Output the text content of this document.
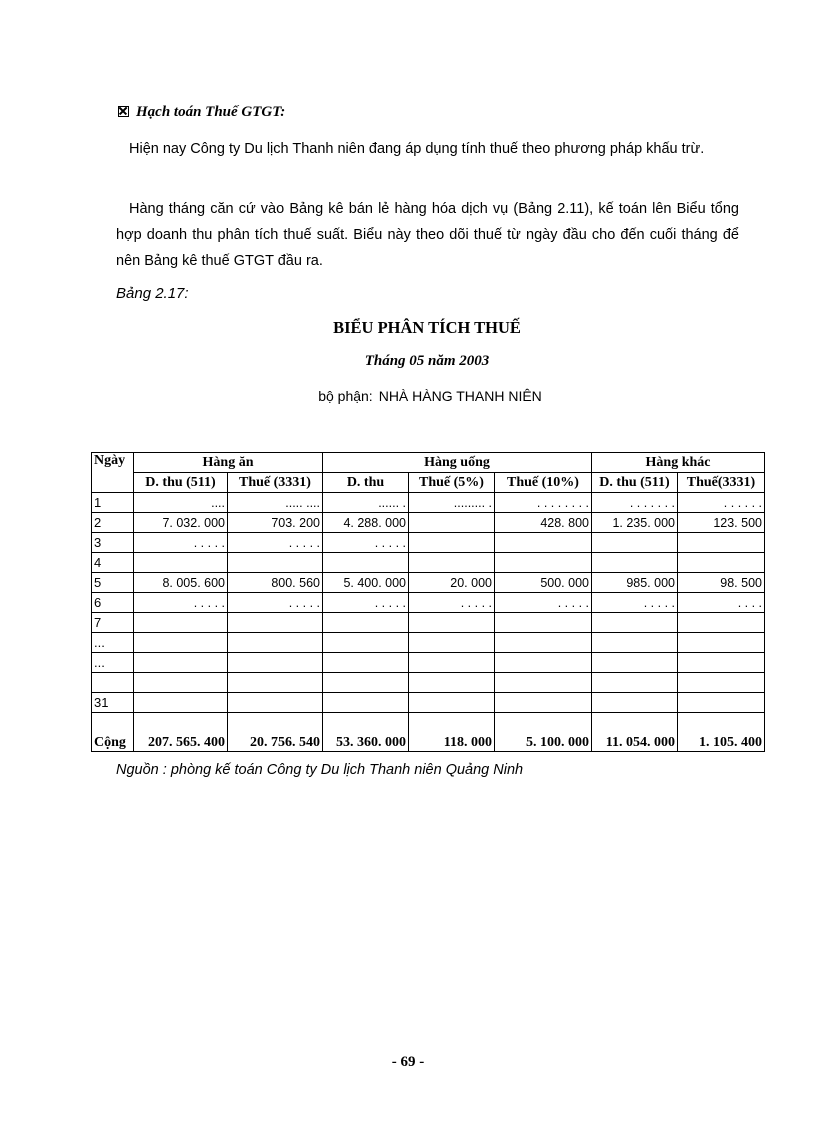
Hạch toán Thuế GTGT:
Hiện nay Công ty Du lịch Thanh niên đang áp dụng tính thuế theo phương pháp khấu trừ.
Hàng tháng căn cứ vào Bảng kê bán lẻ hàng hóa dịch vụ (Bảng 2.11), kế toán lên Biểu tổng hợp doanh thu phân tích thuế suất. Biểu này theo dõi thuế từ ngày đầu cho đến cuối tháng để nên Bảng kê thuế GTGT đầu ra.
Bảng 2.17:
BIỂU PHÂN TÍCH THUẾ
Tháng 05 năm 2003
bộ phận: NHÀ HÀNG THANH NIÊN
Ngày	Hàng ăn		Hàng uống			Hàng khác	
	D. thu (511)	Thuế (3331)	D. thu	Thuế (5%)	Thuế (10%)	D. thu (511)	Thuế(3331)
1	....	..... ....	...... .	......... .	. . . . . . . .	. . . . . . .	. . . . . .
2	7. 032. 000	703. 200	4. 288. 000		428. 800	1. 235. 000	123. 500
3	. . . . .	. . . . .	. . . . .				
4							
5	8. 005. 600	800. 560	5. 400. 000	20. 000	500. 000	985. 000	98. 500
6	. . . . .	. . . . .	. . . . .	. . . . .	. . . . .	. . . . .	. . . .
7							
...							
...							

31							
Cộng	207. 565. 400	20. 756. 540	53. 360. 000	118. 000	5. 100. 000	11. 054. 000	1. 105. 400
Nguồn : phòng kế toán Công ty Du lịch Thanh niên Quảng Ninh
- 69 -
